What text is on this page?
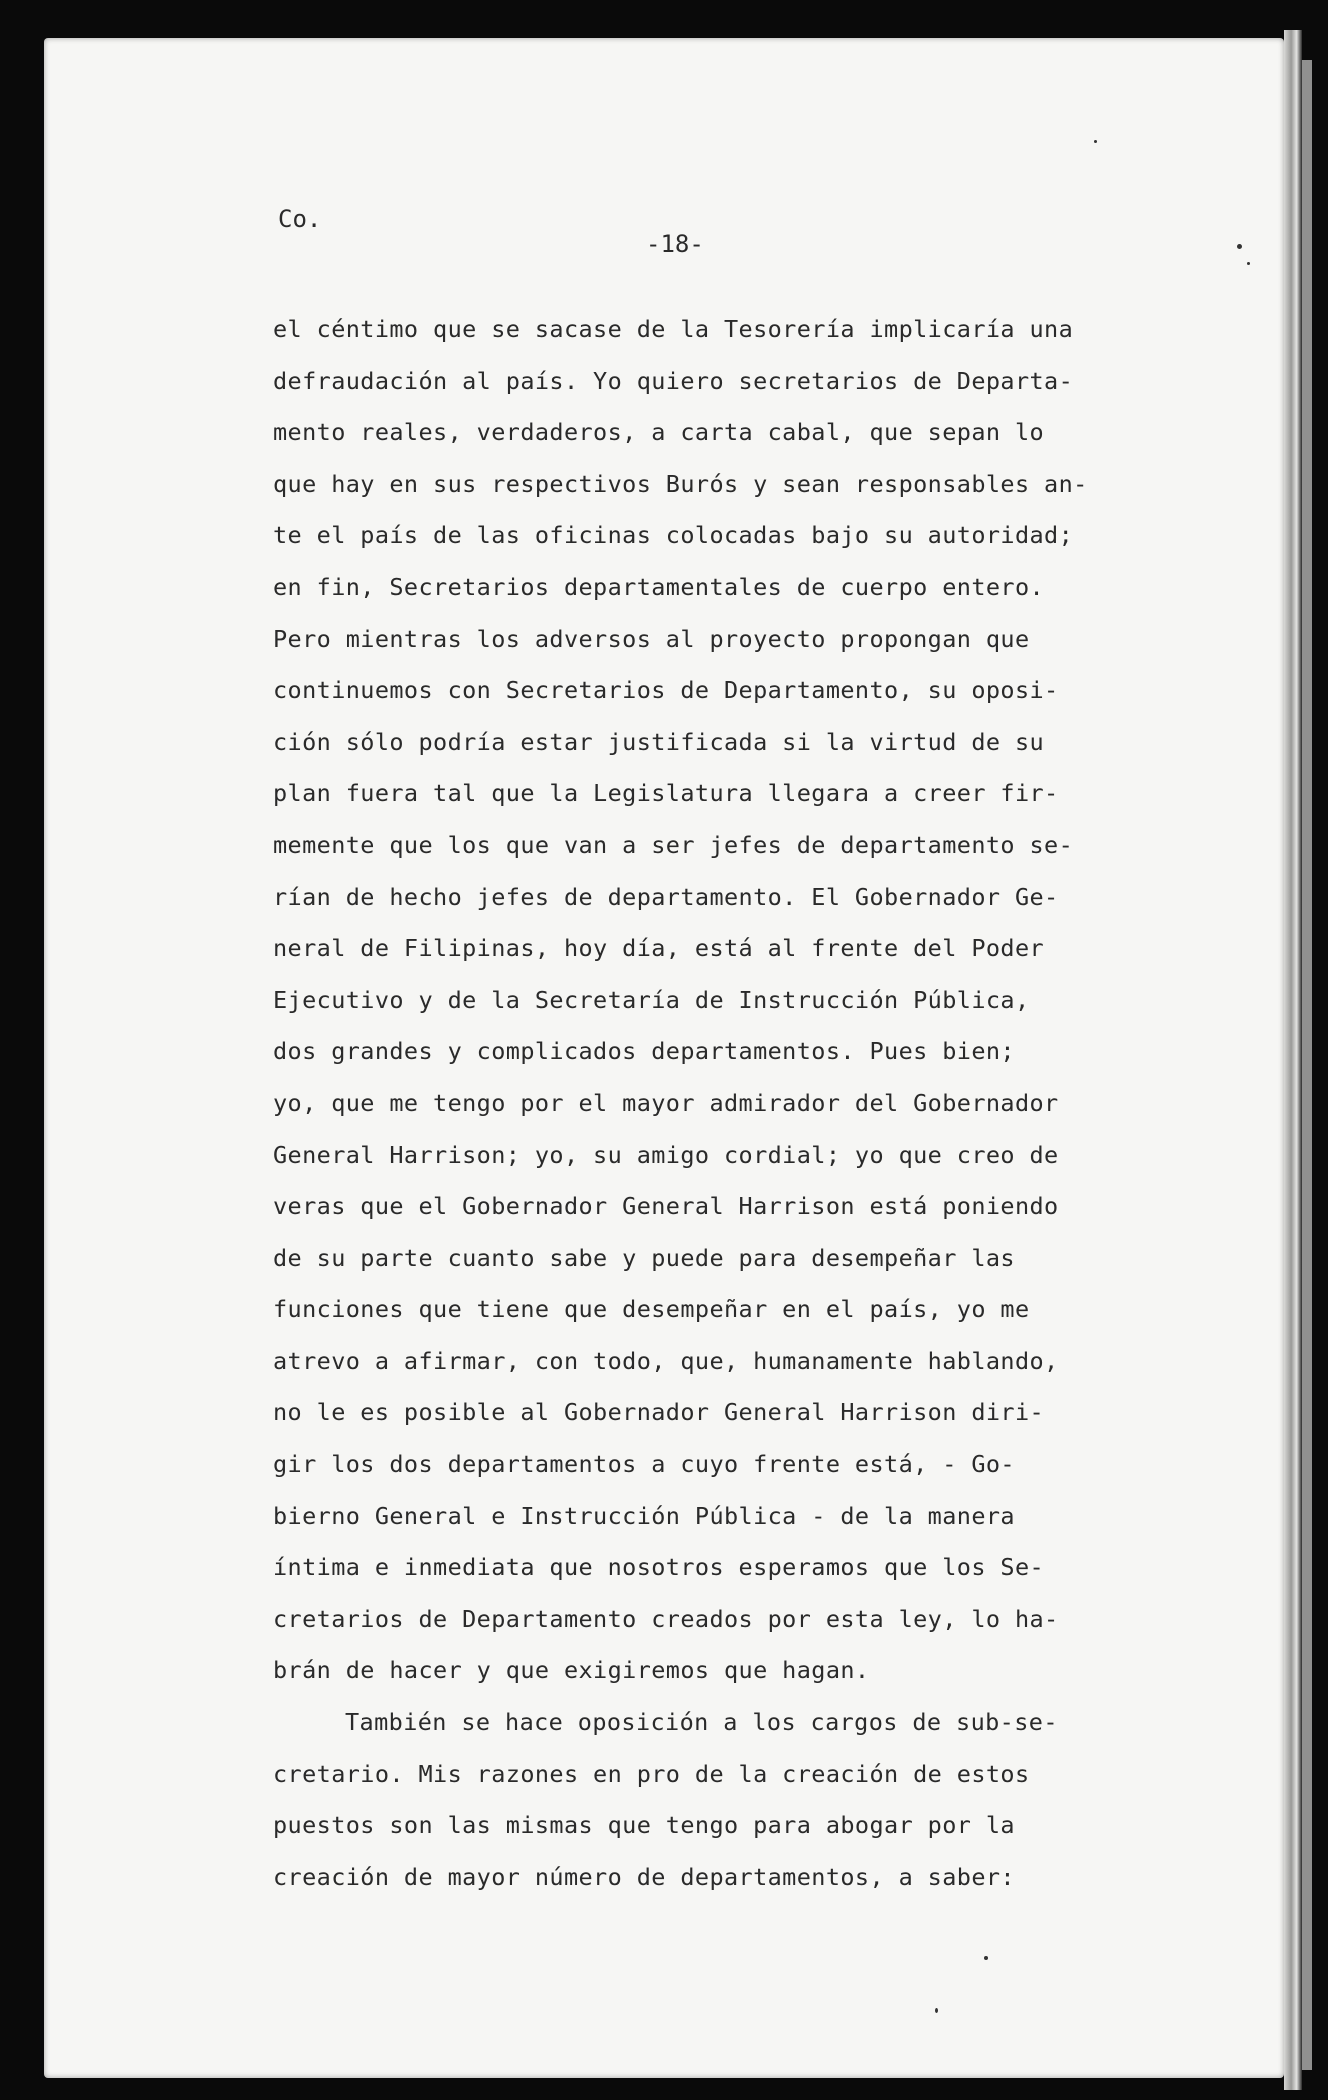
Co.
-18-
el céntimo que se sacase de la Tesorería implicaría una
defraudación al país. Yo quiero secretarios de Departa-
mento reales, verdaderos, a carta cabal, que sepan lo
que hay en sus respectivos Burós y sean responsables an-
te el país de las oficinas colocadas bajo su autoridad;
en fin, Secretarios departamentales de cuerpo entero.
Pero mientras los adversos al proyecto propongan que
continuemos con Secretarios de Departamento, su oposi-
ción sólo podría estar justificada si la virtud de su
plan fuera tal que la Legislatura llegara a creer fir-
memente que los que van a ser jefes de departamento se-
rían de hecho jefes de departamento. El Gobernador Ge-
neral de Filipinas, hoy día, está al frente del Poder
Ejecutivo y de la Secretaría de Instrucción Pública,
dos grandes y complicados departamentos. Pues bien;
yo, que me tengo por el mayor admirador del Gobernador
General Harrison; yo, su amigo cordial; yo que creo de
veras que el Gobernador General Harrison está poniendo
de su parte cuanto sabe y puede para desempeñar las
funciones que tiene que desempeñar en el país, yo me
atrevo a afirmar, con todo, que, humanamente hablando,
no le es posible al Gobernador General Harrison diri-
gir los dos departamentos a cuyo frente está, - Go-
bierno General e Instrucción Pública - de la manera
íntima e inmediata que nosotros esperamos que los Se-
cretarios de Departamento creados por esta ley, lo ha-
brán de hacer y que exigiremos que hagan.
También se hace oposición a los cargos de sub-se-
cretario. Mis razones en pro de la creación de estos
puestos son las mismas que tengo para abogar por la
creación de mayor número de departamentos, a saber:
